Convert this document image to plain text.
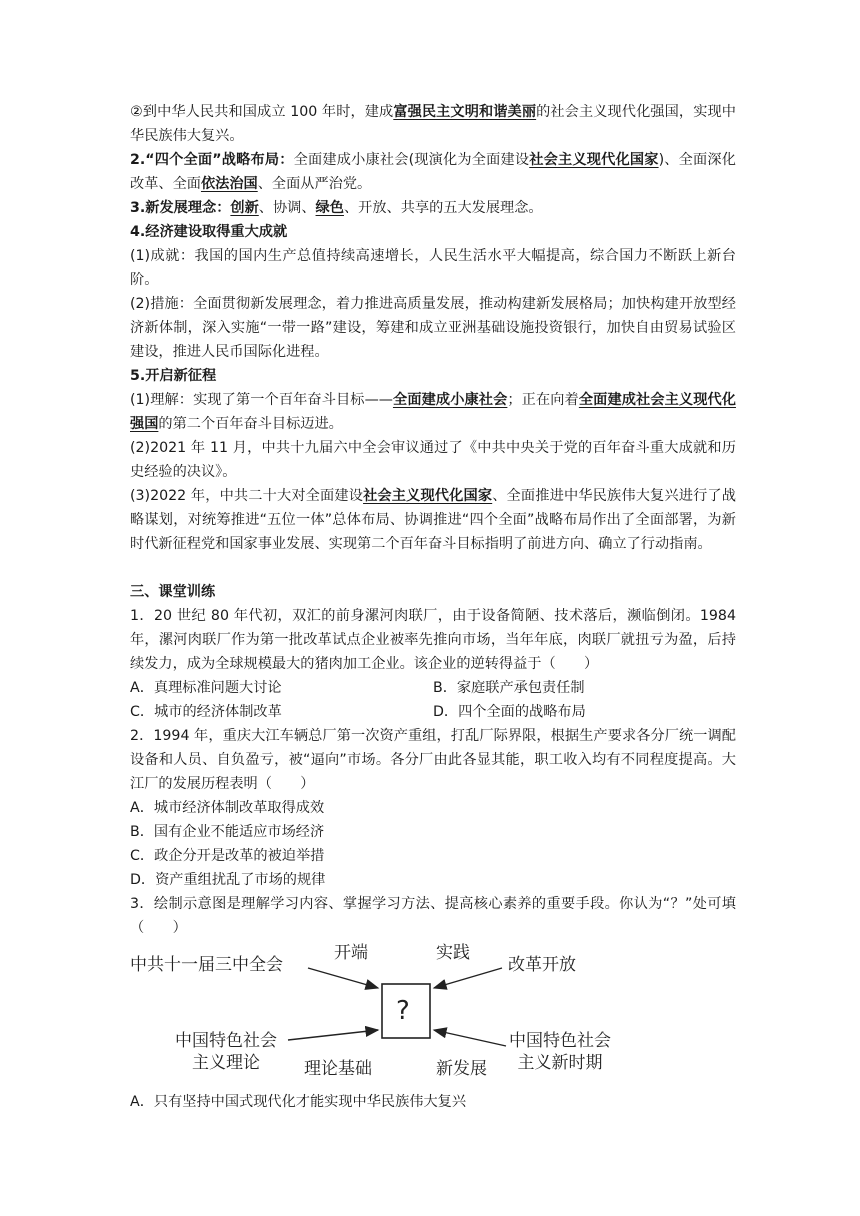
②到中华人民共和国成立 100 年时，建成富强民主文明和谐美丽的社会主义现代化强国，实现中华民族伟大复兴。

2.“四个全面”战略布局：全面建成小康社会(现演化为全面建设社会主义现代化国家)、全面深化改革、全面依法治国、全面从严治党。

3.新发展理念：创新、协调、绿色、开放、共享的五大发展理念。

4.经济建设取得重大成就

(1)成就：我国的国内生产总值持续高速增长，人民生活水平大幅提高，综合国力不断跃上新台阶。

(2)措施：全面贯彻新发展理念，着力推进高质量发展，推动构建新发展格局；加快构建开放型经济新体制，深入实施“一带一路”建设，筹建和成立亚洲基础设施投资银行，加快自由贸易试验区建设，推进人民币国际化进程。

5.开启新征程

(1)理解：实现了第一个百年奋斗目标——全面建成小康社会；正在向着全面建成社会主义现代化强国的第二个百年奋斗目标迈进。

(2)2021 年 11 月，中共十九届六中全会审议通过了《中共中央关于党的百年奋斗重大成就和历史经验的决议》。

(3)2022 年，中共二十大对全面建设社会主义现代化国家、全面推进中华民族伟大复兴进行了战略谋划，对统筹推进“五位一体”总体布局、协调推进“四个全面”战略布局作出了全面部署，为新时代新征程党和国家事业发展、实现第二个百年奋斗目标指明了前进方向、确立了行动指南。

三、课堂训练

1．20 世纪 80 年代初，双汇的前身漯河肉联厂，由于设备简陋、技术落后，濒临倒闭。1984 年，漯河肉联厂作为第一批改革试点企业被率先推向市场，当年年底，肉联厂就扭亏为盈，后持续发力，成为全球规模最大的猪肉加工企业。该企业的逆转得益于（　　）

A．真理标准问题大讨论	B．家庭联产承包责任制
C．城市的经济体制改革	D．四个全面的战略布局

2．1994 年，重庆大江车辆总厂第一次资产重组，打乱厂际界限，根据生产要求各分厂统一调配设备和人员、自负盈亏，被“逼向”市场。各分厂由此各显其能，职工收入均有不同程度提高。大江厂的发展历程表明（　　）

A．城市经济体制改革取得成效

B．国有企业不能适应市场经济

C．政企分开是改革的被迫举措

D．资产重组扰乱了市场的规律

3．绘制示意图是理解学习内容、掌握学习方法、提高核心素养的重要手段。你认为“？”处可填（　　）

中共十一届三中全会
开端	实践
改革开放
?
中国特色社会
主义理论	理论基础	新发展
中国特色社会
主义新时期

A．只有坚持中国式现代化才能实现中华民族伟大复兴
